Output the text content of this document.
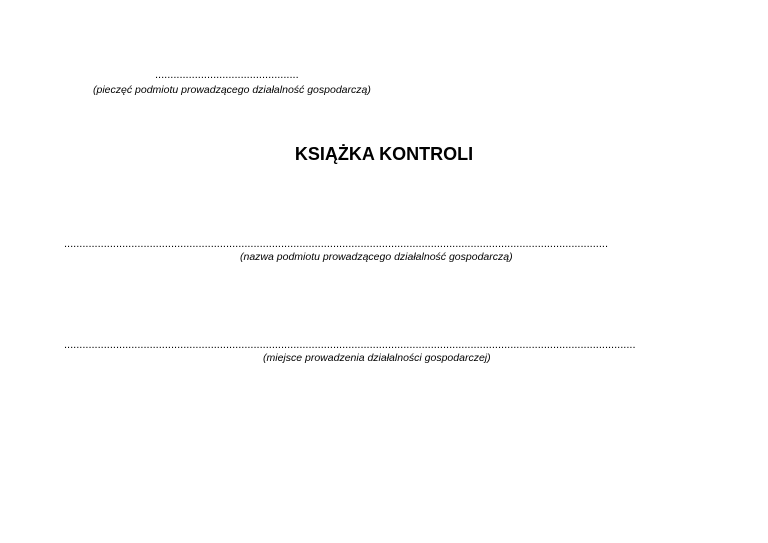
...............................................
(pieczęć podmiotu prowadzącego działalność gospodarczą)
KSIĄŻKA KONTROLI
..................................................................................................................................................................................
(nazwa podmiotu prowadzącego działalność gospodarczą)
...........................................................................................................................................................................................
(miejsce prowadzenia działalności gospodarczej)
